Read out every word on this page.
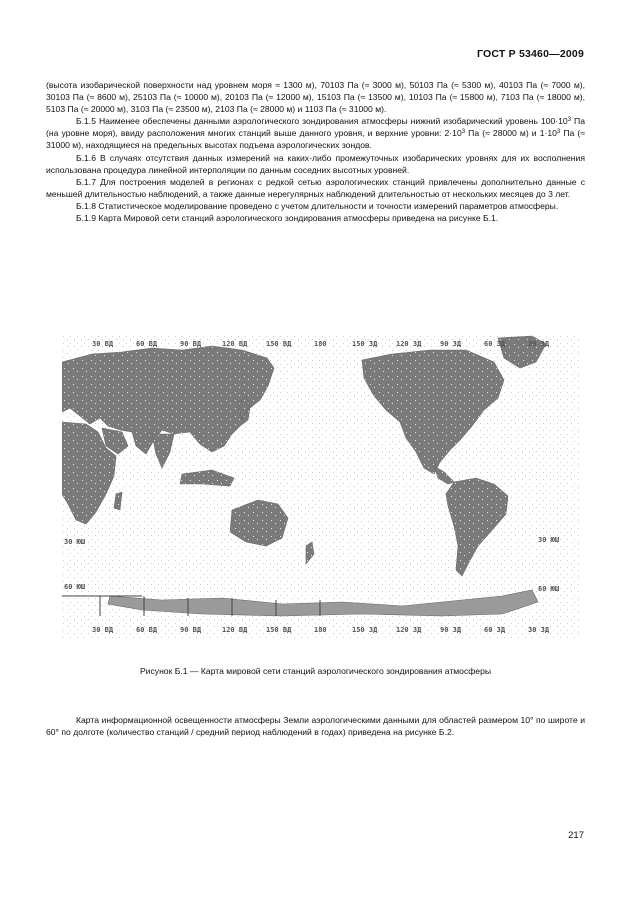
ГОСТ Р 53460—2009

(высота изобарической поверхности над уровнем моря ≈ 1300 м), 70103 Па (≈ 3000 м), 50103 Па (≈ 5300 м), 40103 Па (≈ 7000 м), 30103 Па (≈ 8600 м), 25103 Па (≈ 10000 м), 20103 Па (≈ 12000 м), 15103 Па (≈ 13500 м), 10103 Па (≈ 15800 м), 7103 Па (≈ 18000 м), 5103 Па (≈ 20000 м), 3103 Па (≈ 23500 м), 2103 Па (≈ 28000 м) и 1103 Па (≈ 31000 м).

Б.1.5 Наименее обеспечены данными аэрологического зондирования атмосферы нижний изобарический уровень $100\cdot 10^3$ Па (на уровне моря), ввиду расположения многих станций выше данного уровня, и верхние уровни: $2\cdot 10^3$ Па (≈ 28000 м) и $1\cdot 10^3$ Па (≈ 31000 м), находящиеся на предельных высотах подъема аэрологических зондов.

Б.1.6 В случаях отсутствия данных измерений на каких-либо промежуточных изобарических уровнях для их восполнения использована процедура линейной интерполяции по данным соседних высотных уровней.

Б.1.7 Для построения моделей в регионах с редкой сетью аэрологических станций привлечены дополнительно данные с меньшей длительностью наблюдений, а также данные нерегулярных наблюдений длительностью от нескольких месяцев до 3 лет.

Б.1.8 Статистическое моделирование проведено с учетом длительности и точности измерений параметров атмосферы.

Б.1.9 Карта Мировой сети станций аэрологического зондирования атмосферы приведена на рисунке Б.1.

30 ВД	60 ВД	90 ВД	120 ВД	150 ВД	180	150 ЗД	120 ЗД	90 ЗД	60 ЗД	30 ЗД
30 ВД	60 ВД	90 ВД	120 ВД	150 ВД	180	150 ЗД	120 ЗД	90 ЗД	60 ЗД	30 ЗД
30 ЮШ
60 ЮШ
30 ЮШ
60 ЮШ
Рисунок Б.1 — Карта мировой сети станций аэрологического зондирования атмосферы

Карта информационной освещенности атмосферы Земли аэрологическими данными для областей размером 10° по широте и 60° по долготе (количество станций / средний период наблюдений в годах) приведена на рисунке Б.2.

217
